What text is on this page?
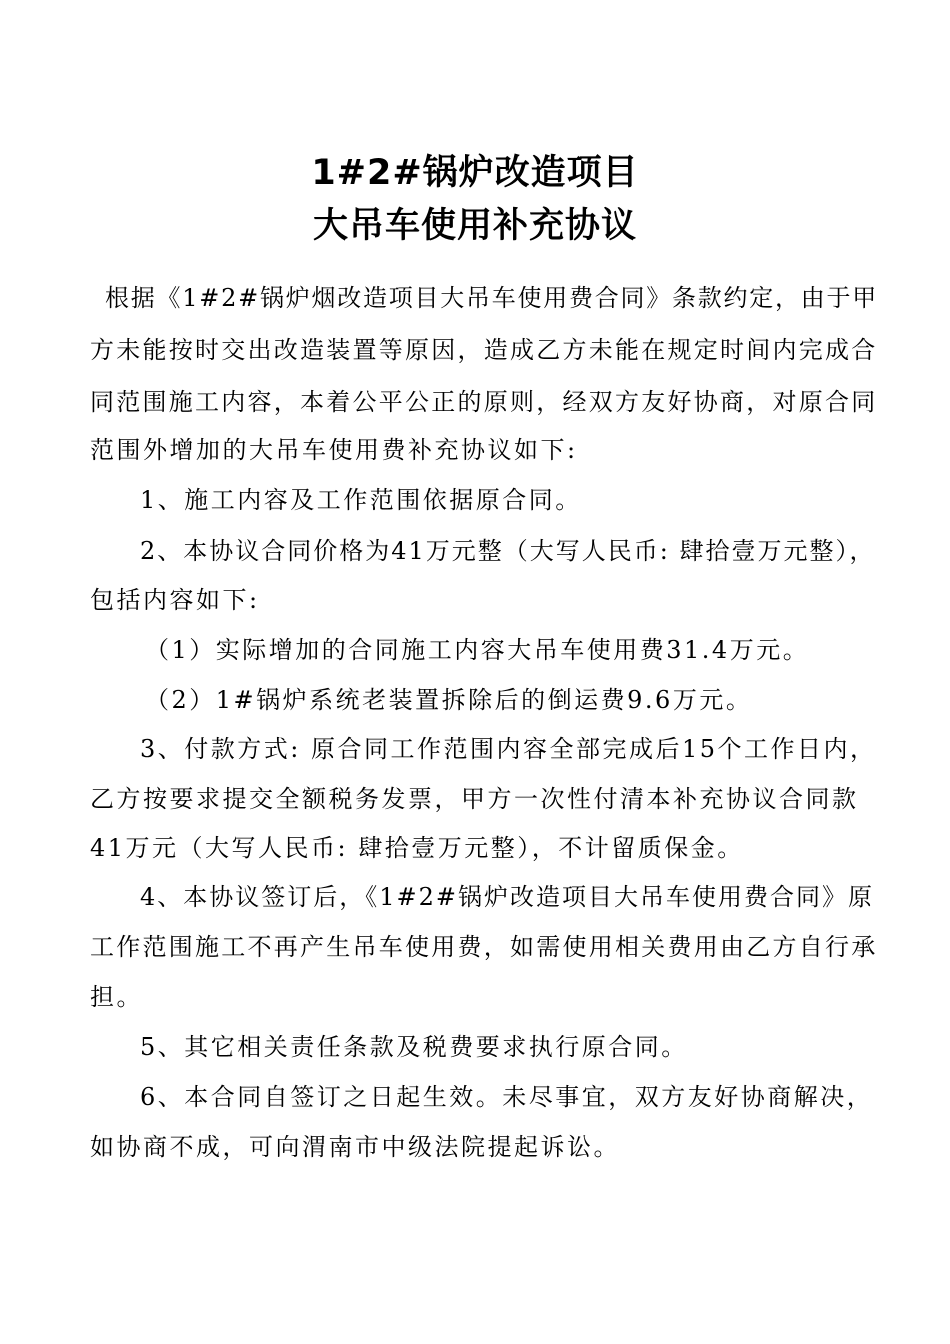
1#2#锅炉改造项目
大吊车使用补充协议
根据《1#2#锅炉烟改造项目大吊车使用费合同》条款约定，由于甲
方未能按时交出改造装置等原因，造成乙方未能在规定时间内完成合
同范围施工内容，本着公平公正的原则，经双方友好协商，对原合同
范围外增加的大吊车使用费补充协议如下:
1、施工内容及工作范围依据原合同。
2、本协议合同价格为41万元整（大写人民币: 肆拾壹万元整），
包括内容如下:
（1）实际增加的合同施工内容大吊车使用费31.4万元。
（2）1#锅炉系统老装置拆除后的倒运费9.6万元。
3、付款方式: 原合同工作范围内容全部完成后15个工作日内，
乙方按要求提交全额税务发票，甲方一次性付清本补充协议合同款
41万元（大写人民币: 肆拾壹万元整），不计留质保金。
4、本协议签订后，《1#2#锅炉改造项目大吊车使用费合同》原
工作范围施工不再产生吊车使用费，如需使用相关费用由乙方自行承
担。
5、其它相关责任条款及税费要求执行原合同。
6、本合同自签订之日起生效。未尽事宜，双方友好协商解决，
如协商不成，可向渭南市中级法院提起诉讼。
